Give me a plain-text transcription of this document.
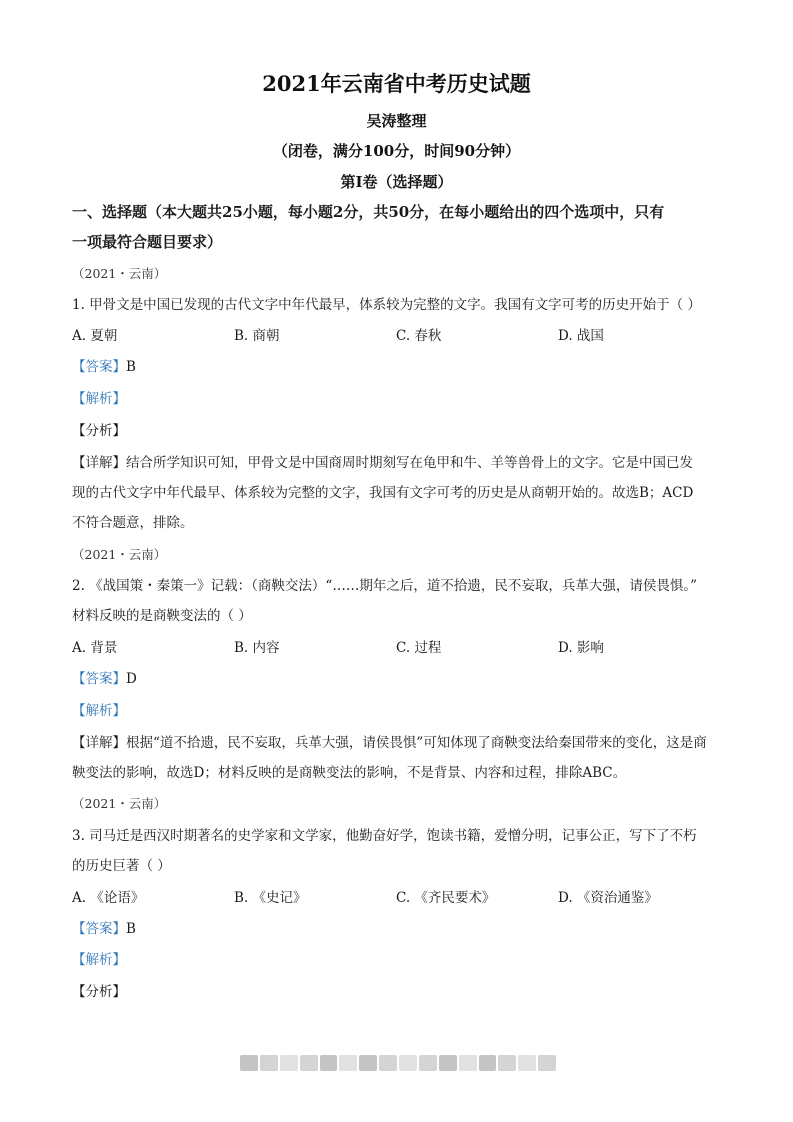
2021年云南省中考历史试题
吴涛整理
（闭卷，满分100分，时间90分钟）
第Ⅰ卷（选择题）
一、选择题（本大题共25小题，每小题2分，共50分，在每小题给出的四个选项中，只有
一项最符合题目要求）
（2021・云南）
1. 甲骨文是中国已发现的古代文字中年代最早，体系较为完整的文字。我国有文字可考的历史开始于（ ）
A. 夏朝	B. 商朝	C. 春秋	D. 战国
【答案】B
【解析】
【分析】
【详解】结合所学知识可知，甲骨文是中国商周时期刻写在龟甲和牛、羊等兽骨上的文字。它是中国已发
现的古代文字中年代最早、体系较为完整的文字，我国有文字可考的历史是从商朝开始的。故选B；ACD
不符合题意，排除。
（2021・云南）
2. 《战国策・秦策一》记载：（商鞅交法）“……期年之后，道不拾遗，民不妄取，兵革大强，请侯畏惧。”
材料反映的是商鞅变法的（ ）
A. 背景	B. 内容	C. 过程	D. 影响
【答案】D
【解析】
【详解】根据“道不拾遗，民不妄取，兵革大强，请侯畏惧”可知体现了商鞅变法给秦国带来的变化，这是商
鞅变法的影响，故选D；材料反映的是商鞅变法的影响，不是背景、内容和过程，排除ABC。
（2021・云南）
3. 司马迁是西汉时期著名的史学家和文学家，他勤奋好学，饱读书籍，爱憎分明，记事公正，写下了不朽
的历史巨著（ ）
A. 《论语》	B. 《史记》	C. 《齐民要术》	D. 《资治通鉴》
【答案】B
【解析】
【分析】
